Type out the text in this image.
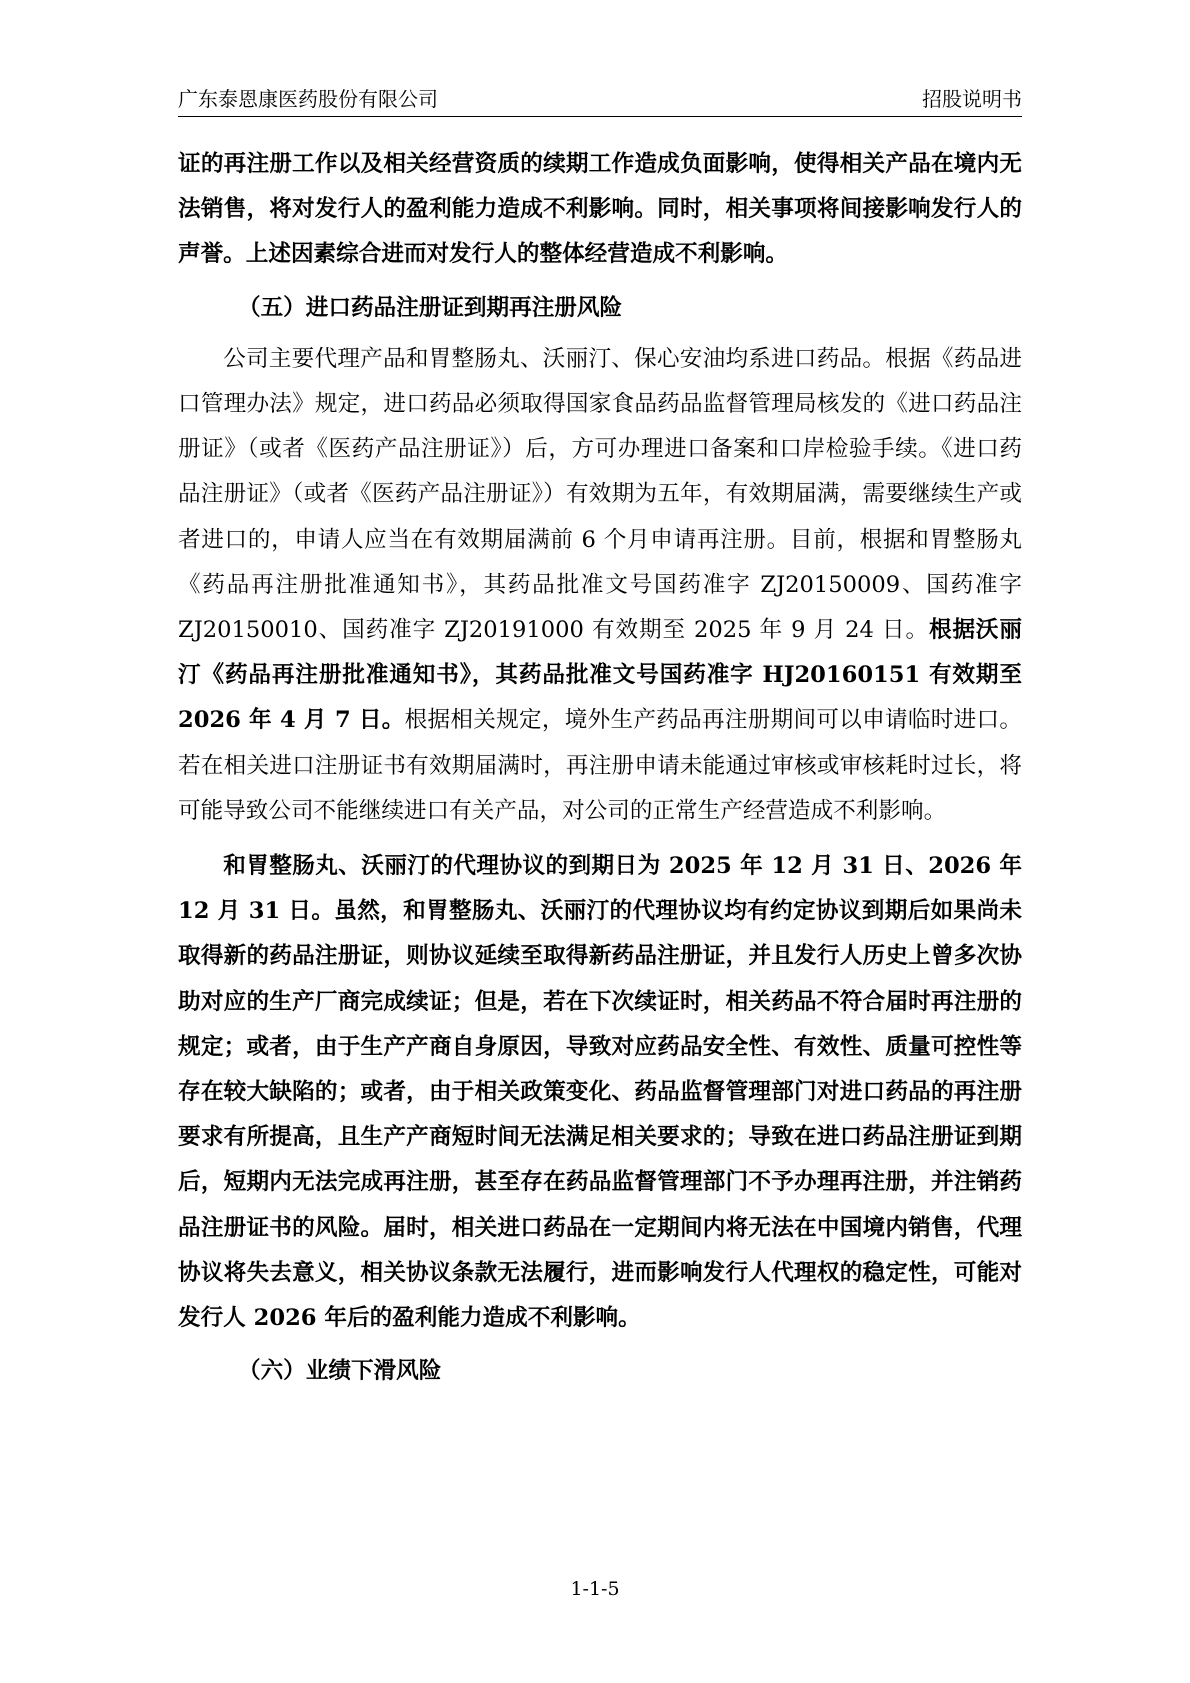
广东泰恩康医药股份有限公司	招股说明书

证的再注册工作以及相关经营资质的续期工作造成负面影响，使得相关产品在境内无法销售，将对发行人的盈利能力造成不利影响。同时，相关事项将间接影响发行人的声誉。上述因素综合进而对发行人的整体经营造成不利影响。

（五）进口药品注册证到期再注册风险

公司主要代理产品和胃整肠丸、沃丽汀、保心安油均系进口药品。根据《药品进口管理办法》规定，进口药品必须取得国家食品药品监督管理局核发的《进口药品注册证》（或者《医药产品注册证》）后，方可办理进口备案和口岸检验手续。《进口药品注册证》（或者《医药产品注册证》）有效期为五年，有效期届满，需要继续生产或者进口的，申请人应当在有效期届满前 6 个月申请再注册。目前，根据和胃整肠丸《药品再注册批准通知书》，其药品批准文号国药准字 ZJ20150009、国药准字 ZJ20150010、国药准字 ZJ20191000 有效期至 2025 年 9 月 24 日。根据沃丽汀《药品再注册批准通知书》，其药品批准文号国药准字 HJ20160151 有效期至 2026 年 4 月 7 日。根据相关规定，境外生产药品再注册期间可以申请临时进口。若在相关进口注册证书有效期届满时，再注册申请未能通过审核或审核耗时过长，将可能导致公司不能继续进口有关产品，对公司的正常生产经营造成不利影响。

和胃整肠丸、沃丽汀的代理协议的到期日为 2025 年 12 月 31 日、2026 年 12 月 31 日。虽然，和胃整肠丸、沃丽汀的代理协议均有约定协议到期后如果尚未取得新的药品注册证，则协议延续至取得新药品注册证，并且发行人历史上曾多次协助对应的生产厂商完成续证；但是，若在下次续证时，相关药品不符合届时再注册的规定；或者，由于生产产商自身原因，导致对应药品安全性、有效性、质量可控性等存在较大缺陷的；或者，由于相关政策变化、药品监督管理部门对进口药品的再注册要求有所提高，且生产产商短时间无法满足相关要求的；导致在进口药品注册证到期后，短期内无法完成再注册，甚至存在药品监督管理部门不予办理再注册，并注销药品注册证书的风险。届时，相关进口药品在一定期间内将无法在中国境内销售，代理协议将失去意义，相关协议条款无法履行，进而影响发行人代理权的稳定性，可能对发行人 2026 年后的盈利能力造成不利影响。

（六）业绩下滑风险
1-1-5
